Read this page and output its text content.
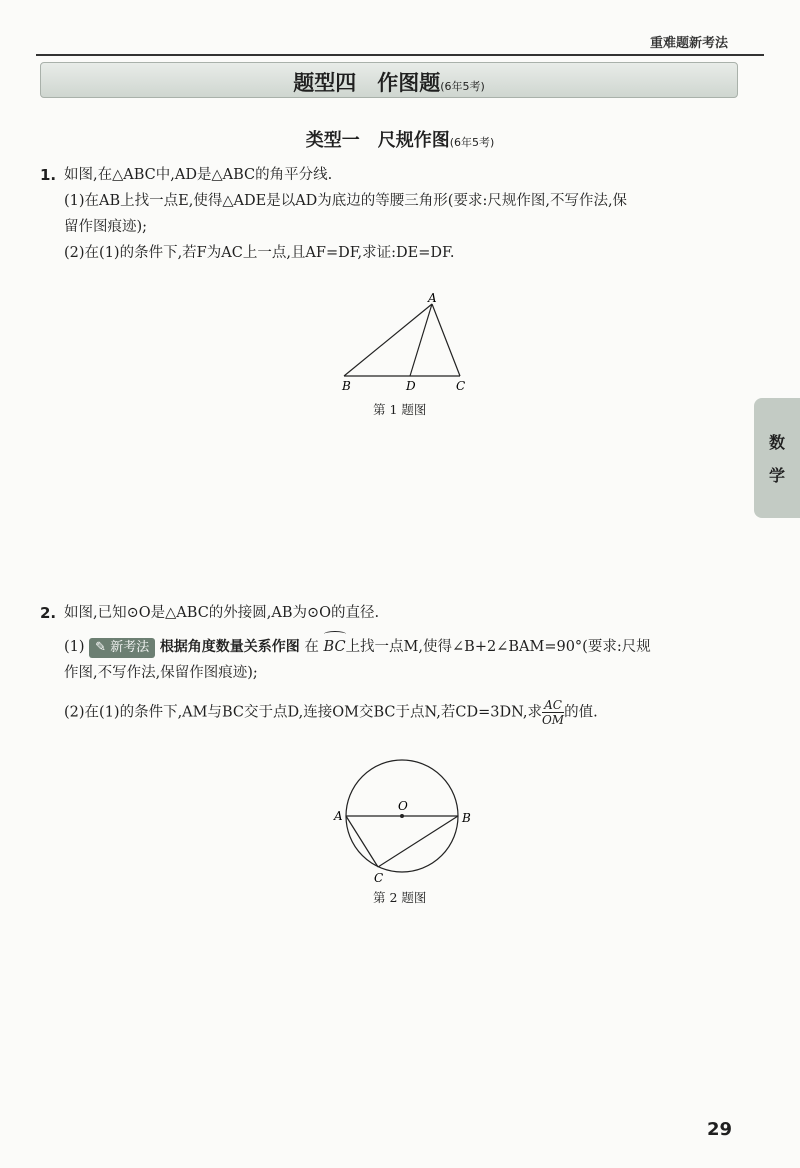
重难题新考法
题型四　作图题(6年5考)
类型一　尺规作图(6年5考)
1. 如图,在△ABC中,AD是△ABC的角平分线.
(1)在AB上找一点E,使得△ADE是以AD为底边的等腰三角形(要求:尺规作图,不写作法,保
留作图痕迹);
(2)在(1)的条件下,若F为AC上一点,且AF=DF,求证:DE=DF.
A
B	D	C
第 1 题图
2. 如图,已知⊙O是△ABC的外接圆,AB为⊙O的直径.
(1) ✎ 新考法 根据角度数量关系作图 在 BC上找一点M,使得∠B+2∠BAM=90°(要求:尺规
作图,不写作法,保留作图痕迹);
(2)在(1)的条件下,AM与BC交于点D,连接OM交BC于点N,若CD=3DN,求 $\frac{AC}{OM}$ 的值.
O
A	B
C
第 2 题图
数
学
29
